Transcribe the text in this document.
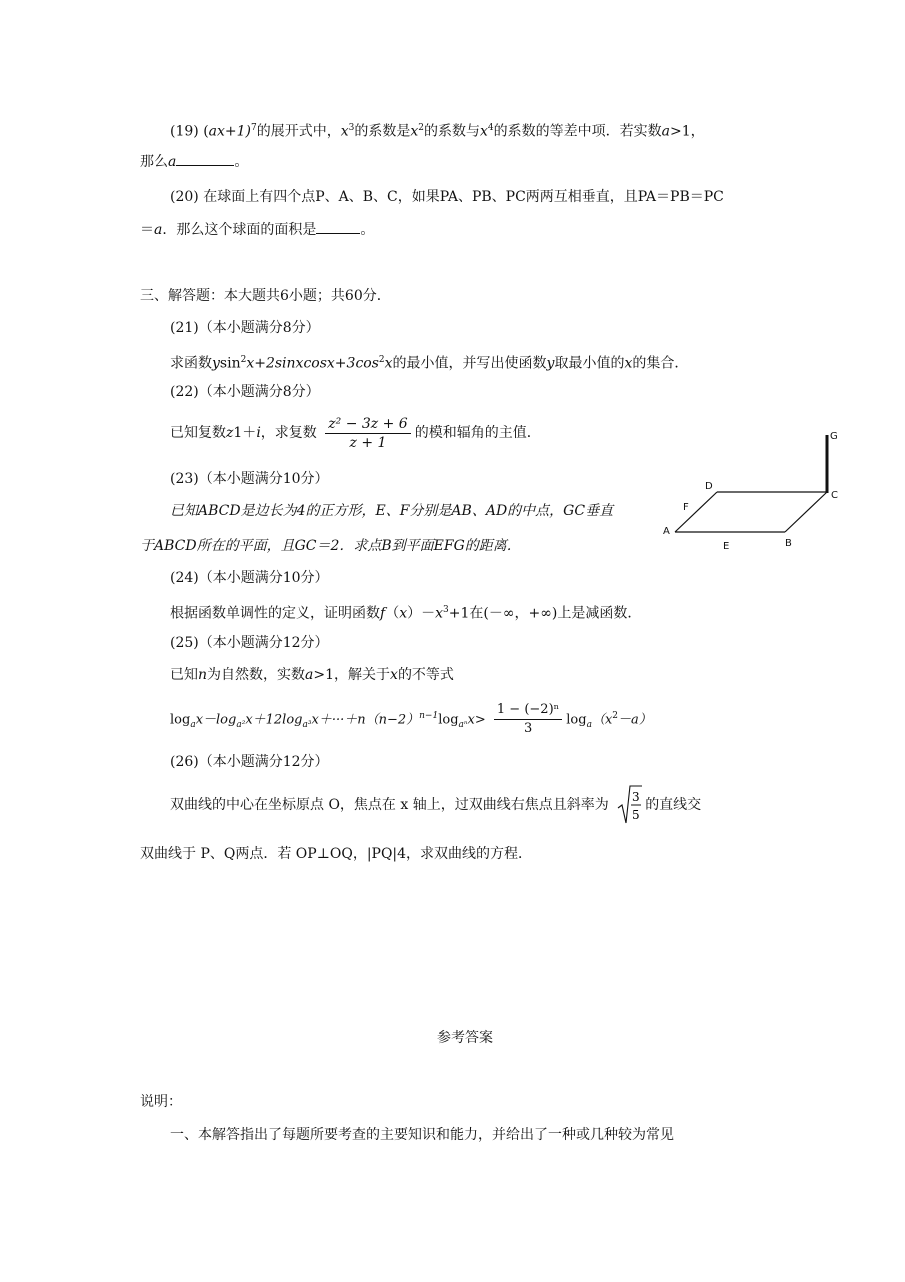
(19) $(ax+1)^7$的展开式中，$x^3$的系数是$x^2$的系数与$x^4$的系数的等差中项．若实数a>1，
那么a	。
(20) 在球面上有四个点P、A、B、C，如果PA、PB、PC两两互相垂直，且PA＝PB＝PC
＝a．那么这个球面的面积是	。
三、解答题：本大题共6小题；共60分．
(21)（本小题满分8分）
求函数$ysin^2x+2sinxcosx+3\cos^2x$的最小值，并写出使函数y取最小值的x的集合．
(22)（本小题满分8分）
已知复数z1＋i，求复数 $\frac{\text{z² − 3z + 6}}{z + 1}$ 的模和辐角的主值．
(23)（本小题满分10分）
已知ABCD是边长为4的正方形，E、F分别是AB、AD的中点，GC垂直
于ABCD所在的平面，且GC＝2．求点B到平面EFG的距离．
G
D
C
F
A
E	B
(24)（本小题满分10分）
根据函数单调性的定义，证明函数$f(x)-x^3+1$在(－∞，+∞)上是减函数．
(25)（本小题满分12分）
已知n为自然数，实数a>1，解关于x的不等式
$\log_ax-\log_{a^2}x+12\log_{a^3}x+\cdot\cdot\cdot+n(n-2)^{n-1}\log_{a^n}x> \frac{\text{1 − (−2)ⁿ}}{3} \log_a(x^2-a)$
(26)（本小题满分12分）
双曲线的中心在坐标原点 O，焦点在 x 轴上，过双曲线右焦点且斜率为 3
5
的直线交
双曲线于 P、Q两点．若 OP⊥OQ，|PQ|4，求双曲线的方程．
参考答案
说明：
一、本解答指出了每题所要考查的主要知识和能力，并给出了一种或几种较为常见
